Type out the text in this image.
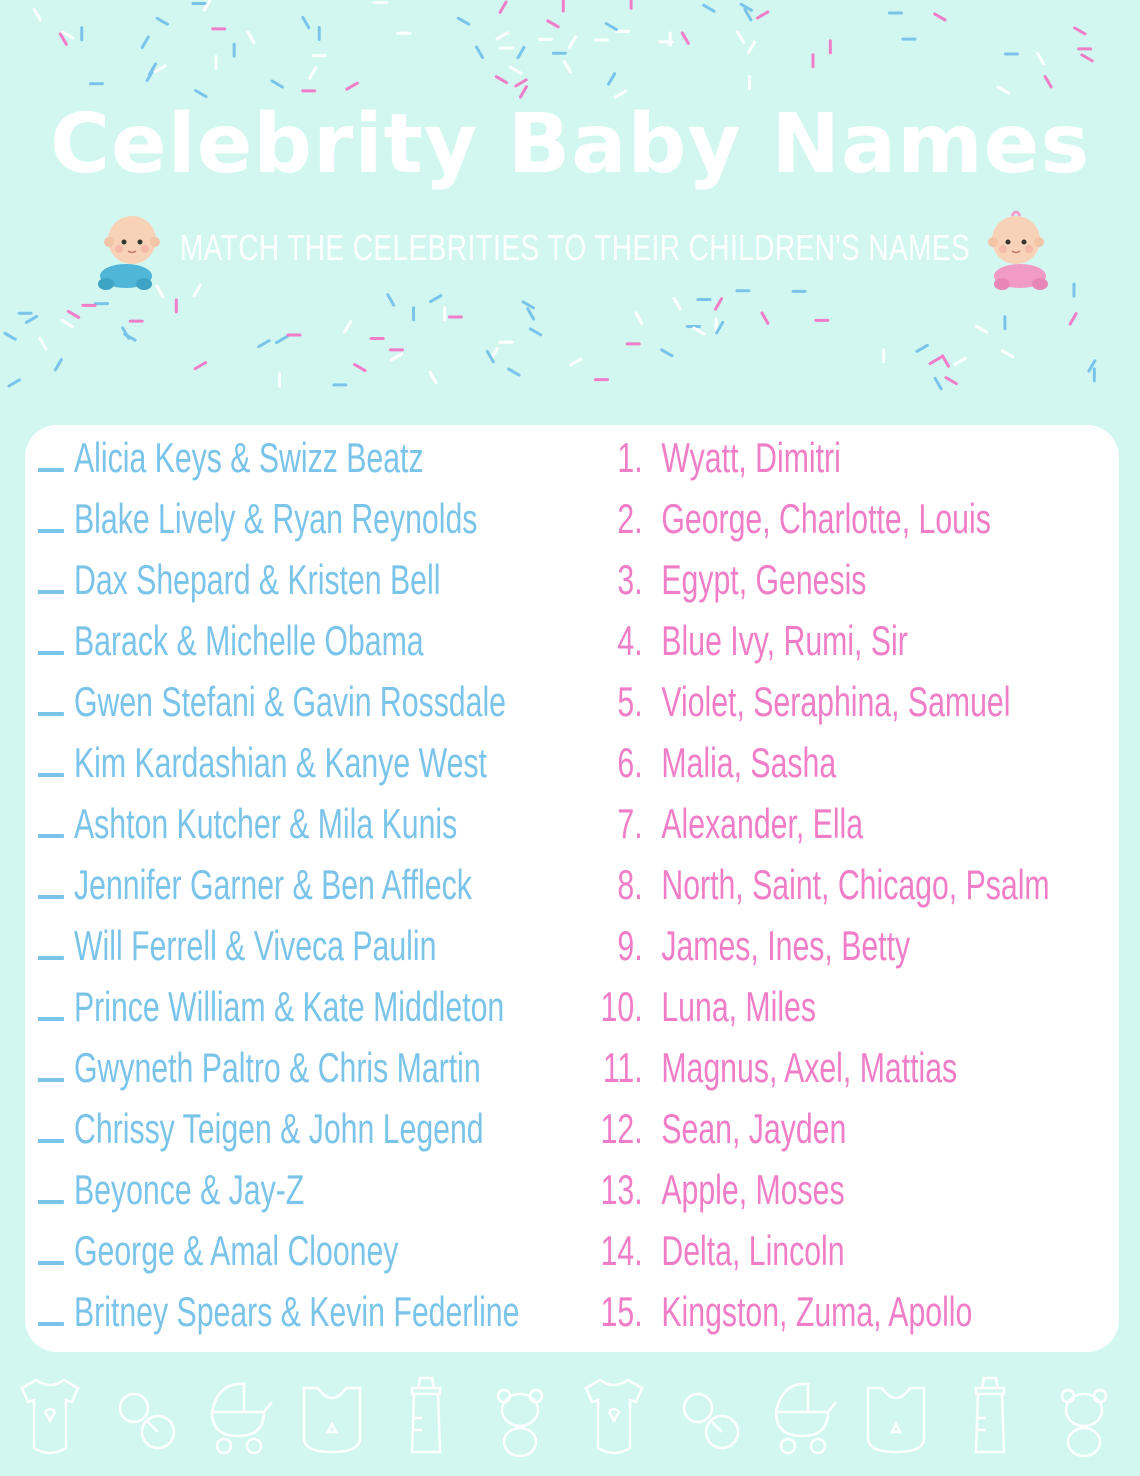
Celebrity Baby Names
MATCH THE CELEBRITIES TO THEIR CHILDREN'S NAMES
Alicia Keys & Swizz Beatz
Blake Lively & Ryan Reynolds
Dax Shepard & Kristen Bell
Barack & Michelle Obama
Gwen Stefani & Gavin Rossdale
Kim Kardashian & Kanye West
Ashton Kutcher & Mila Kunis
Jennifer Garner & Ben Affleck
Will Ferrell & Viveca Paulin
Prince William & Kate Middleton
Gwyneth Paltro & Chris Martin
Chrissy Teigen & John Legend
Beyonce & Jay-Z
George & Amal Clooney
Britney Spears & Kevin Federline
1. Wyatt, Dimitri
2. George, Charlotte, Louis
3. Egypt, Genesis
4. Blue Ivy, Rumi, Sir
5. Violet, Seraphina, Samuel
6. Malia, Sasha
7. Alexander, Ella
8. North, Saint, Chicago, Psalm
9. James, Ines, Betty
10. Luna, Miles
11. Magnus, Axel, Mattias
12. Sean, Jayden
13. Apple, Moses
14. Delta, Lincoln
15. Kingston, Zuma, Apollo
